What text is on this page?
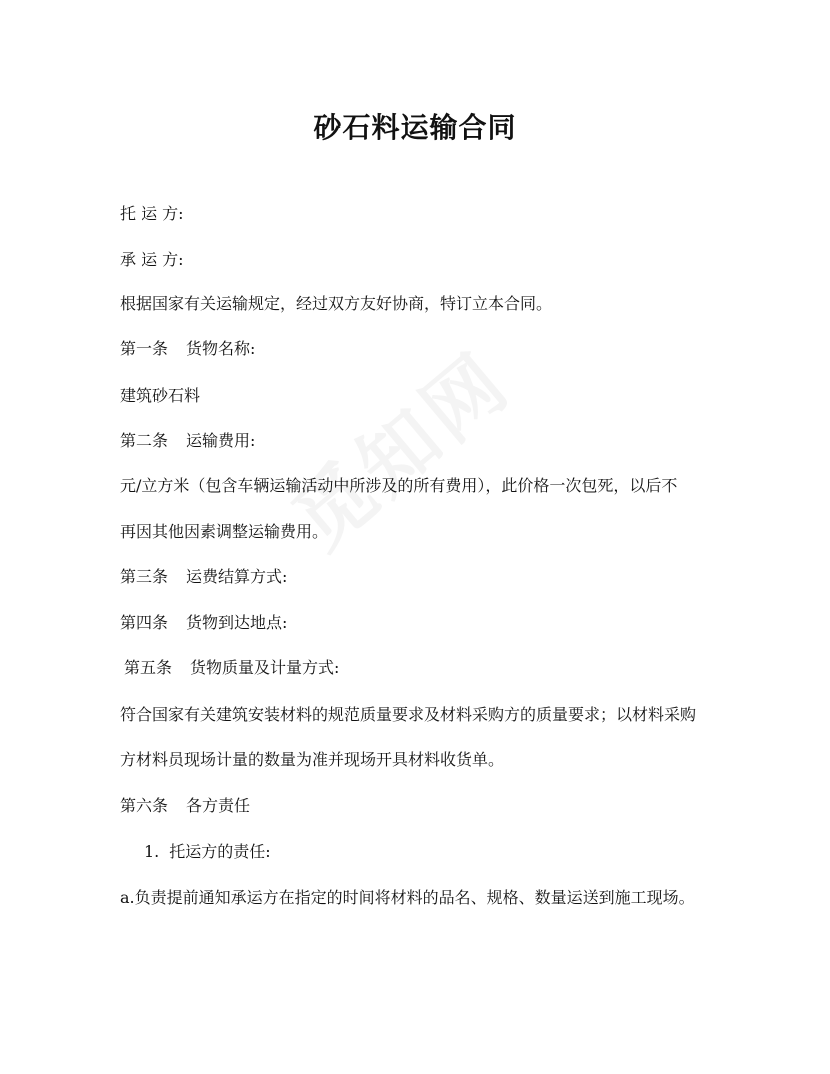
砂石料运输合同
托 运 方:
承 运 方:
根据国家有关运输规定，经过双方友好协商，特订立本合同。
第一条 货物名称:
建筑砂石料
第二条 运输费用:
元/立方米（包含车辆运输活动中所涉及的所有费用），此价格一次包死，以后不
再因其他因素调整运输费用。
第三条 运费结算方式:
第四条 货物到达地点:
第五条 货物质量及计量方式:
符合国家有关建筑安装材料的规范质量要求及材料采购方的质量要求；以材料采购
方材料员现场计量的数量为准并现场开具材料收货单。
第六条 各方责任
1. 托运方的责任:
a.负责提前通知承运方在指定的时间将材料的品名、规格、数量运送到施工现场。
